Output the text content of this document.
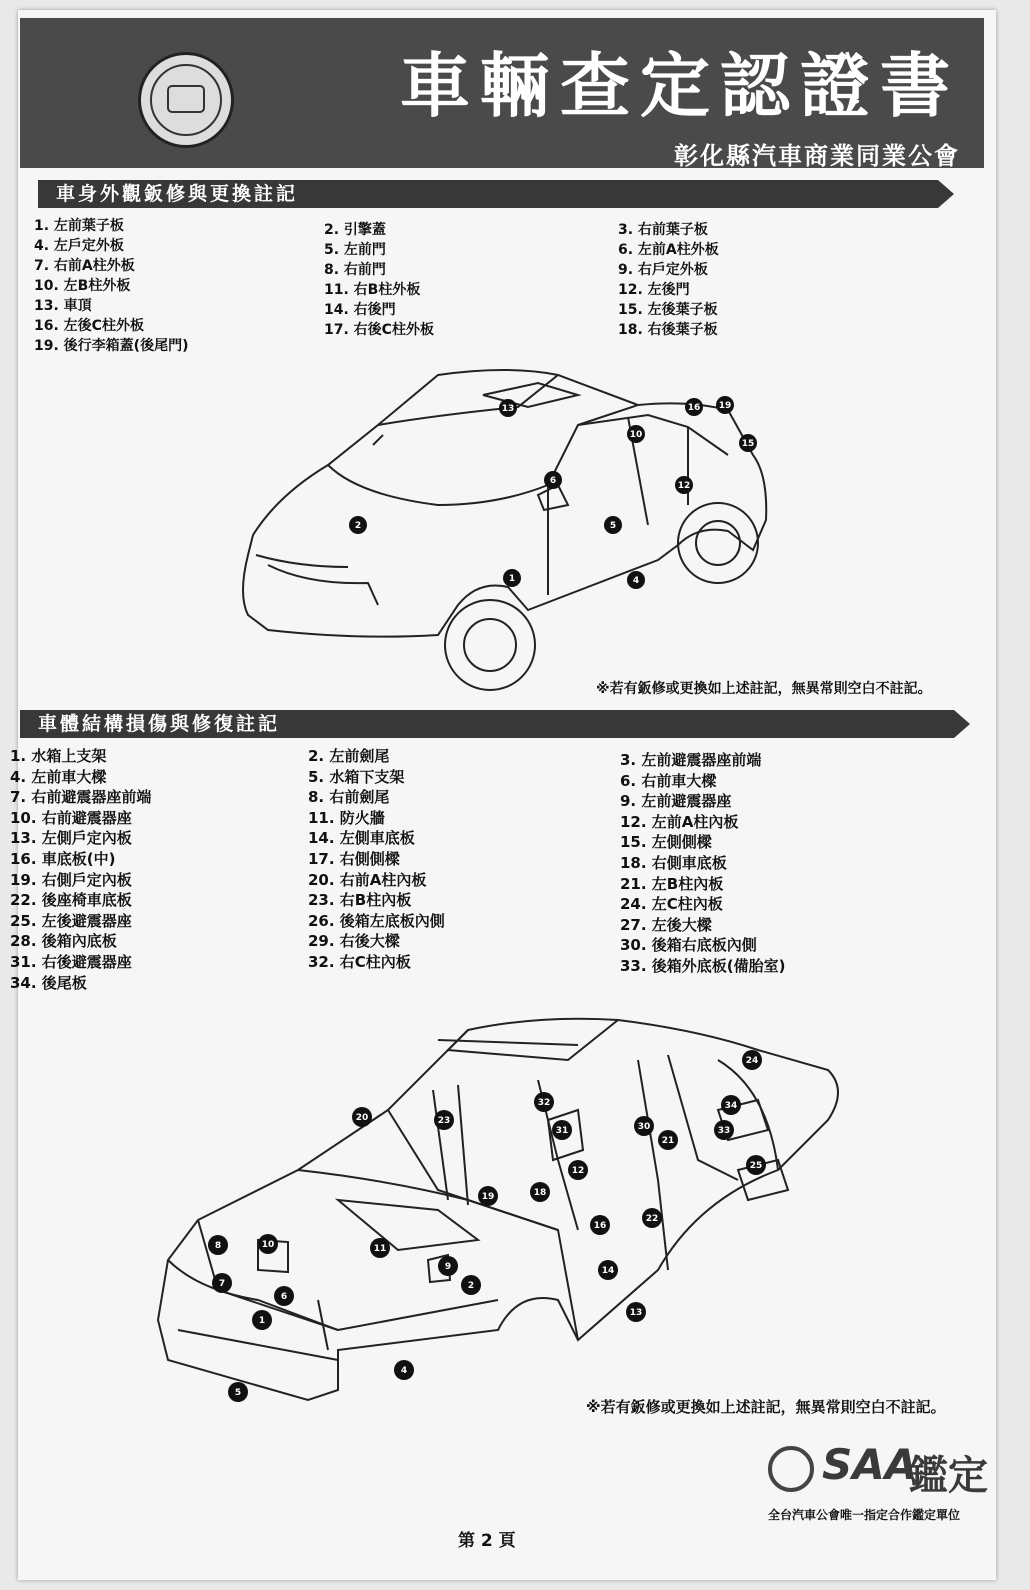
車輛查定認證書
彰化縣汽車商業同業公會
車身外觀鈑修與更換註記
1. 左前葉子板
4. 左戶定外板
7. 右前A柱外板
10. 左B柱外板
13. 車頂
16. 左後C柱外板
19. 後行李箱蓋(後尾門)
2. 引擎蓋
5. 左前門
8. 右前門
11. 右B柱外板
14. 右後門
17. 右後C柱外板
3. 右前葉子板
6. 左前A柱外板
9. 右戶定外板
12. 左後門
15. 左後葉子板
18. 右後葉子板
13	16 19
10
15
6	12
2	5
1	4
※若有鈑修或更換如上述註記，無異常則空白不註記。
車體結構損傷與修復註記
1. 水箱上支架
4. 左前車大樑
7. 右前避震器座前端
10. 右前避震器座
13. 左側戶定內板
16. 車底板(中)
19. 右側戶定內板
22. 後座椅車底板
25. 左後避震器座
28. 後箱內底板
31. 右後避震器座
34. 後尾板
2. 左前劍尾
5. 水箱下支架
8. 右前劍尾
11. 防火牆
14. 左側車底板
17. 右側側樑
20. 右前A柱內板
23. 右B柱內板
26. 後箱左底板內側
29. 右後大樑
32. 右C柱內板
3. 左前避震器座前端
6. 右前車大樑
9. 左前避震器座
12. 左前A柱內板
15. 左側側樑
18. 右側車底板
21. 左B柱內板
24. 左C柱內板
27. 左後大樑
30. 後箱右底板內側
33. 後箱外底板(備胎室)
24
20
32	34
23
31	30
21
33
12	25
19	18
16
22
8	10	11
9	14
7
6
2
1
13
4
5
※若有鈑修或更換如上述註記，無異常則空白不註記。
SAA
鑑定
全台汽車公會唯一指定合作鑑定單位
第 2 頁
